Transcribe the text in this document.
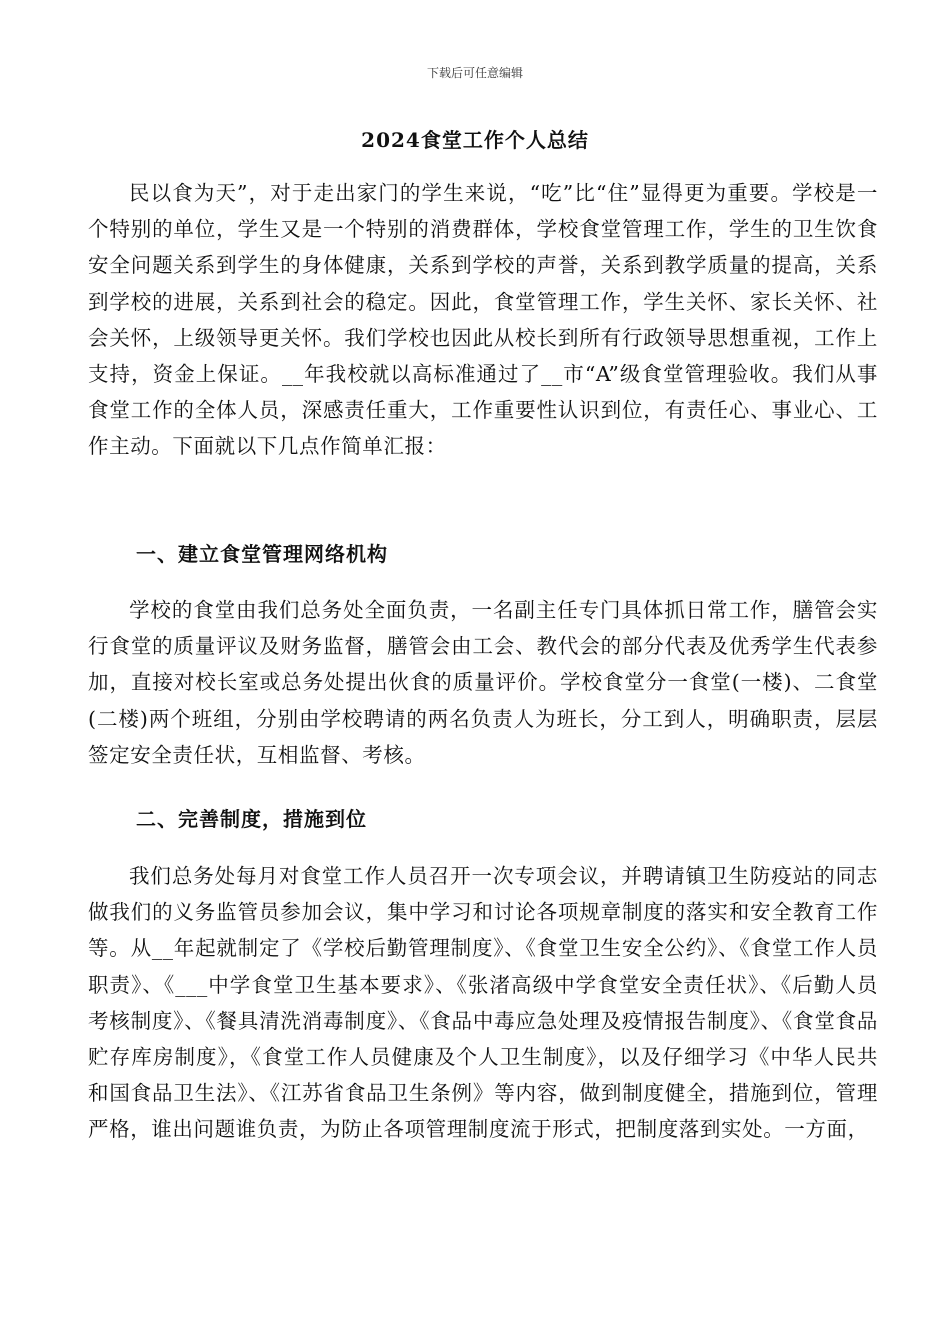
下载后可任意编辑
2024食堂工作个人总结

民以食为天”，对于走出家门的学生来说，“吃”比“住”显得更为重要。学校是一个特别的单位，学生又是一个特别的消费群体，学校食堂管理工作，学生的卫生饮食安全问题关系到学生的身体健康，关系到学校的声誉，关系到教学质量的提高，关系到学校的进展，关系到社会的稳定。因此，食堂管理工作，学生关怀、家长关怀、社会关怀，上级领导更关怀。我们学校也因此从校长到所有行政领导思想重视，工作上支持，资金上保证。__年我校就以高标准通过了__市“A”级食堂管理验收。我们从事食堂工作的全体人员，深感责任重大，工作重要性认识到位，有责任心、事业心、工作主动。下面就以下几点作简单汇报：

一、建立食堂管理网络机构

学校的食堂由我们总务处全面负责，一名副主任专门具体抓日常工作，膳管会实行食堂的质量评议及财务监督，膳管会由工会、教代会的部分代表及优秀学生代表参加，直接对校长室或总务处提出伙食的质量评价。学校食堂分一食堂(一楼)、二食堂(二楼)两个班组，分别由学校聘请的两名负责人为班长，分工到人，明确职责，层层签定安全责任状，互相监督、考核。

二、完善制度，措施到位

我们总务处每月对食堂工作人员召开一次专项会议，并聘请镇卫生防疫站的同志做我们的义务监管员参加会议，集中学习和讨论各项规章制度的落实和安全教育工作等。从__年起就制定了《学校后勤管理制度》、《食堂卫生安全公约》、《食堂工作人员职责》、《___中学食堂卫生基本要求》、《张渚高级中学食堂安全责任状》、《后勤人员考核制度》、《餐具清洗消毒制度》、《食品中毒应急处理及疫情报告制度》、《食堂食品贮存库房制度》，《食堂工作人员健康及个人卫生制度》，以及仔细学习《中华人民共和国食品卫生法》、《江苏省食品卫生条例》等内容，做到制度健全，措施到位，管理严格，谁出问题谁负责，为防止各项管理制度流于形式，把制度落到实处。一方面，
